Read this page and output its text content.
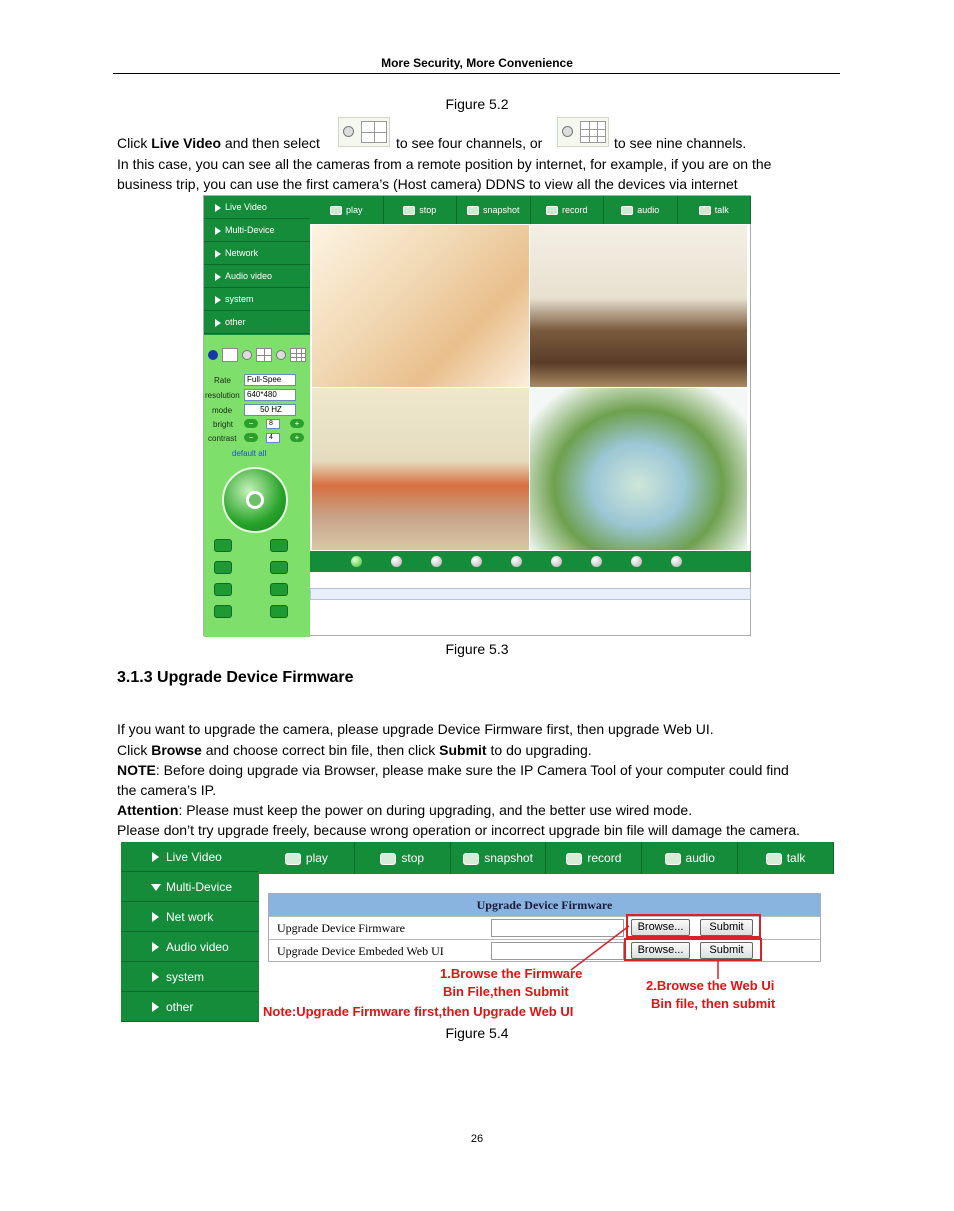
More Security, More Convenience
Figure 5.2
Click Live Video and then select	to see four channels, or	to see nine channels.
In this case, you can see all the cameras from a remote position by internet, for example, if you are on the
business trip, you can use the first camera’s (Host camera) DDNS to view all the devices via internet
Live Video
Multi-Device
Network
Audio video
system
other
play	stop	snapshot	record	audio	talk
Rate	Full-Spee
resolution 640*480
mode	50 HZ
bright	−	8	+
contrast	−	4	+
default all
Figure 5.3
3.1.3 Upgrade Device Firmware
If you want to upgrade the camera, please upgrade Device Firmware first, then upgrade Web UI.
Click Browse and choose correct bin file, then click Submit to do upgrading.
NOTE: Before doing upgrade via Browser, please make sure the IP Camera Tool of your computer could find
the camera’s IP.
Attention: Please must keep the power on during upgrading, and the better use wired mode.
Please don’t try upgrade freely, because wrong operation or incorrect upgrade bin file will damage the camera.
Live Video
Multi-Device
Net work
Audio video
system
other
play	stop	snapshot	record	audio	talk
Upgrade Device Firmware
Upgrade Device Firmware	Browse...	Submit
Upgrade Device Embeded Web UI	Browse...	Submit
1.Browse the Firmware
Bin File,then Submit	2.Browse the Web Ui
Bin file, then submit
Note:Upgrade Firmware first,then Upgrade Web UI
Figure 5.4
26
